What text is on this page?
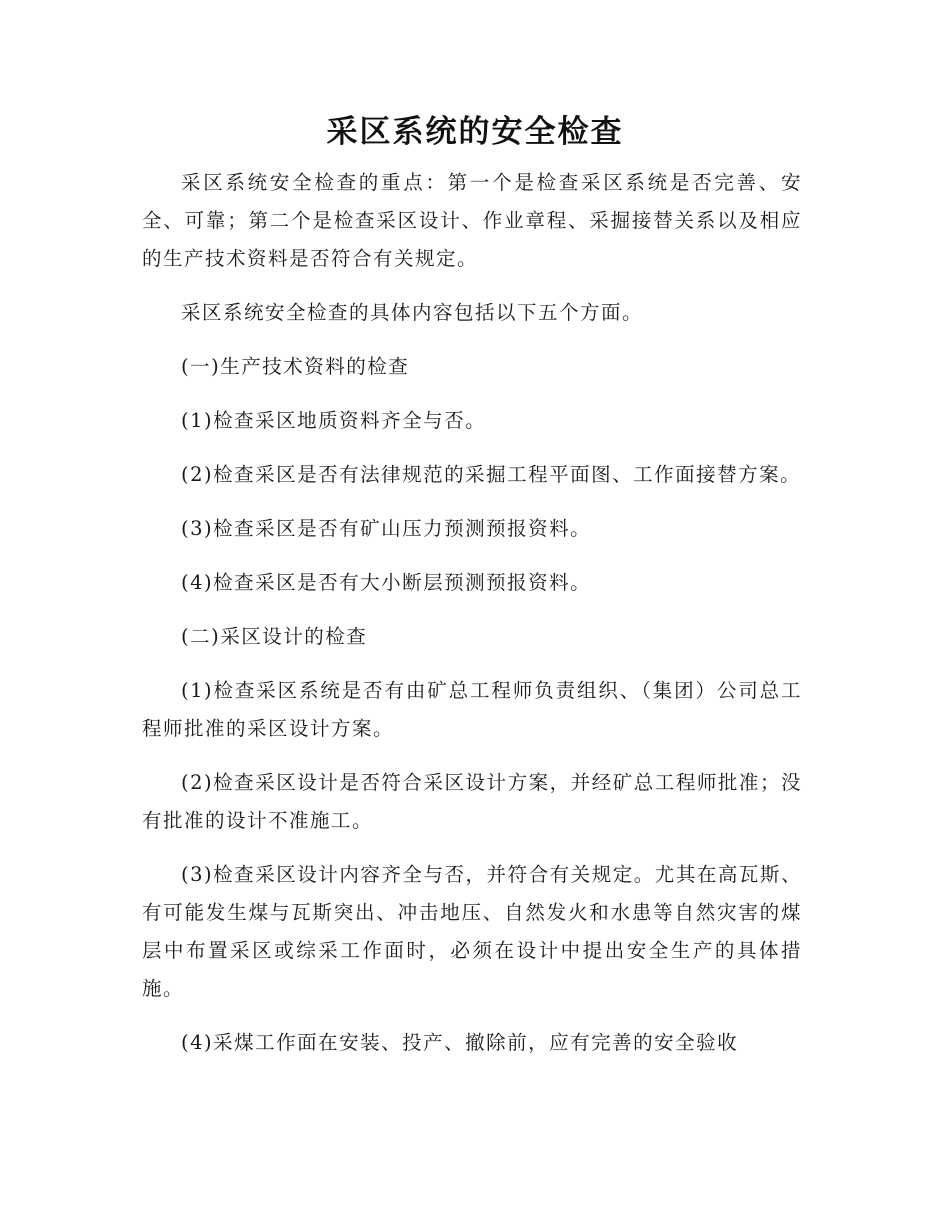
采区系统的安全检查

采区系统安全检查的重点：第一个是检查采区系统是否完善、安全、可靠；第二个是检查采区设计、作业章程、采掘接替关系以及相应的生产技术资料是否符合有关规定。

采区系统安全检查的具体内容包括以下五个方面。

(一)生产技术资料的检查

(1)检查采区地质资料齐全与否。

(2)检查采区是否有法律规范的采掘工程平面图、工作面接替方案。

(3)检查采区是否有矿山压力预测预报资料。

(4)检查采区是否有大小断层预测预报资料。

(二)采区设计的检查

(1)检查采区系统是否有由矿总工程师负责组织、（集团）公司总工程师批准的采区设计方案。

(2)检查采区设计是否符合采区设计方案，并经矿总工程师批准；没有批准的设计不准施工。

(3)检查采区设计内容齐全与否，并符合有关规定。尤其在高瓦斯、有可能发生煤与瓦斯突出、冲击地压、自然发火和水患等自然灾害的煤层中布置采区或综采工作面时，必须在设计中提出安全生产的具体措施。

(4)采煤工作面在安装、投产、撤除前，应有完善的安全验收
